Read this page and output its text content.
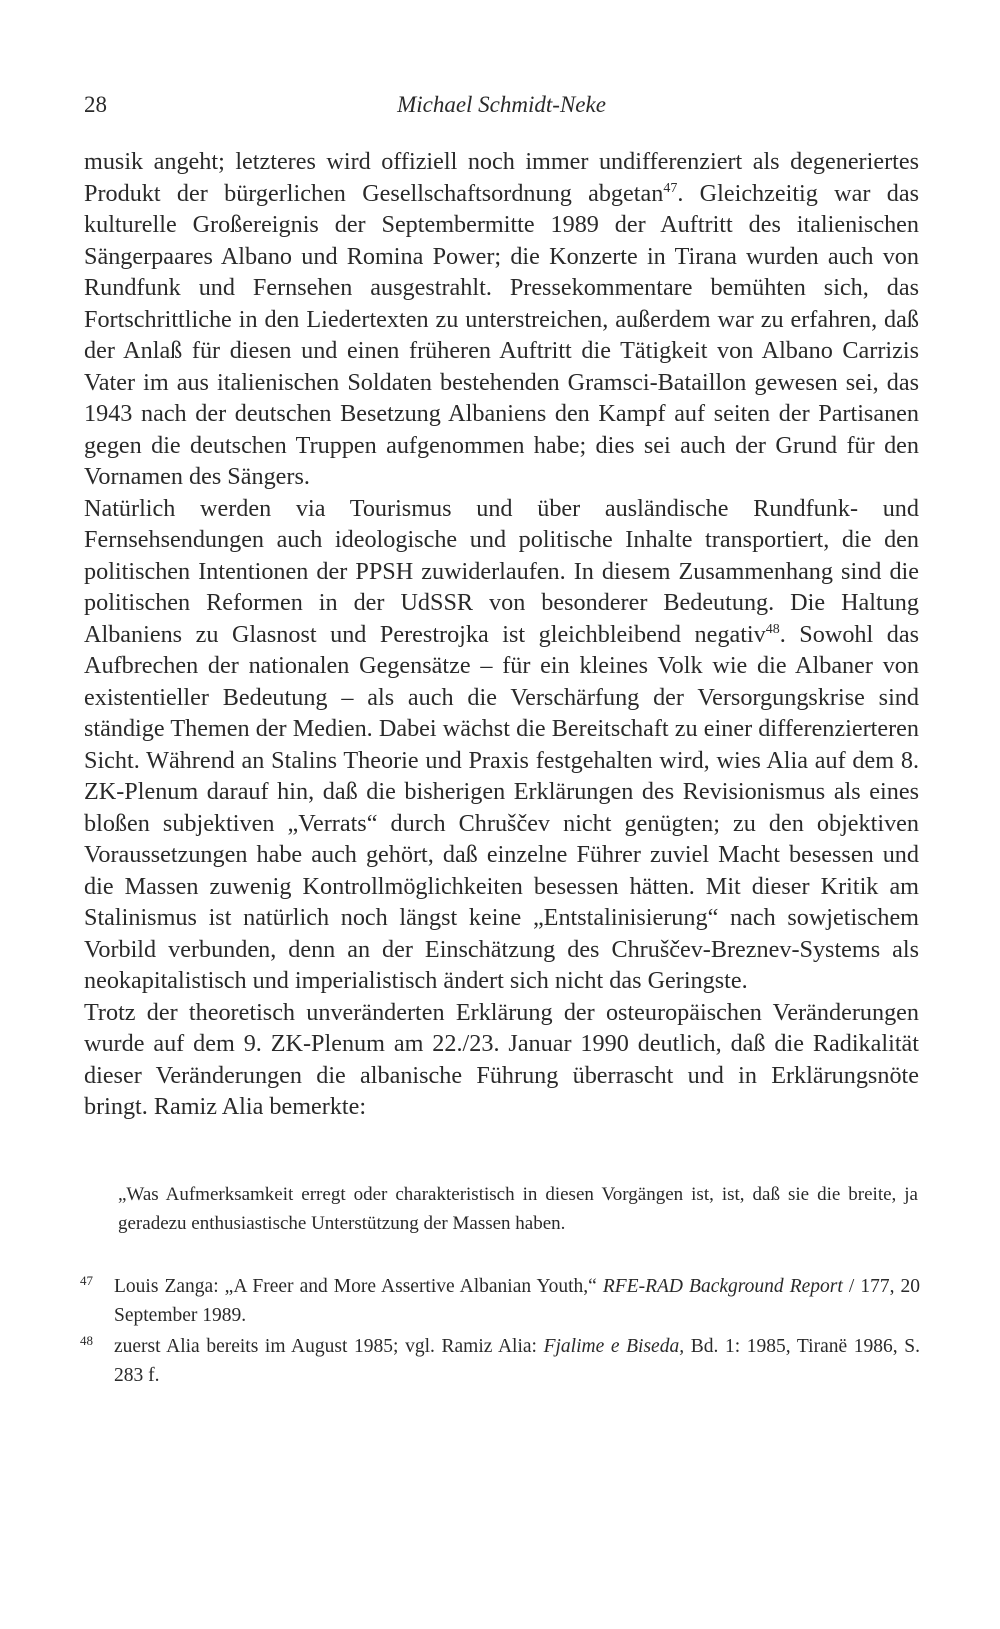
28	Michael Schmidt-Neke

musik angeht; letzteres wird offiziell noch immer undifferenziert als degeneriertes Produkt der bürgerlichen Gesellschaftsordnung abgetan$^{47}$. Gleichzeitig war das kulturelle Großereignis der Septembermitte 1989 der Auftritt des italienischen Sängerpaares Albano und Romina Power; die Konzerte in Tirana wurden auch von Rundfunk und Fernsehen ausgestrahlt. Pressekommentare bemühten sich, das Fortschrittliche in den Liedertexten zu unterstreichen, außerdem war zu erfahren, daß der Anlaß für diesen und einen früheren Auftritt die Tätigkeit von Albano Carrizis Vater im aus italienischen Soldaten bestehenden Gramsci-Bataillon gewesen sei, das 1943 nach der deutschen Besetzung Albaniens den Kampf auf seiten der Partisanen gegen die deutschen Truppen aufgenommen habe; dies sei auch der Grund für den Vornamen des Sängers.

Natürlich werden via Tourismus und über ausländische Rundfunk- und Fernsehsendungen auch ideologische und politische Inhalte transportiert, die den politischen Intentionen der PPSH zuwiderlaufen. In diesem Zusammenhang sind die politischen Reformen in der UdSSR von besonderer Bedeutung. Die Haltung Albaniens zu Glasnost und Perestrojka ist gleichbleibend negativ$^{48}$. Sowohl das Aufbrechen der nationalen Gegensätze – für ein kleines Volk wie die Albaner von existentieller Bedeutung – als auch die Verschärfung der Versorgungskrise sind ständige Themen der Medien. Dabei wächst die Bereitschaft zu einer differenzierteren Sicht. Während an Stalins Theorie und Praxis festgehalten wird, wies Alia auf dem 8. ZK-Plenum darauf hin, daß die bisherigen Erklärungen des Revisionismus als eines bloßen subjektiven „Verrats“ durch Chruščev nicht genügten; zu den objektiven Voraussetzungen habe auch gehört, daß einzelne Führer zuviel Macht besessen und die Massen zuwenig Kontrollmöglichkeiten besessen hätten. Mit dieser Kritik am Stalinismus ist natürlich noch längst keine „Entstalinisierung“ nach sowjetischem Vorbild verbunden, denn an der Einschätzung des Chruščev-Breznev-Systems als neokapitalistisch und imperialistisch ändert sich nicht das Geringste.

Trotz der theoretisch unveränderten Erklärung der osteuropäischen Veränderungen wurde auf dem 9. ZK-Plenum am 22./23. Januar 1990 deutlich, daß die Radikalität dieser Veränderungen die albanische Führung überrascht und in Erklärungsnöte bringt. Ramiz Alia bemerkte:

„Was Aufmerksamkeit erregt oder charakteristisch in diesen Vorgängen ist, ist, daß sie die breite, ja geradezu enthusiastische Unterstützung der Massen haben.

47 Louis Zanga: „A Freer and More Assertive Albanian Youth,“ RFE-RAD Background Report / 177, 20 September 1989.
48 zuerst Alia bereits im August 1985; vgl. Ramiz Alia: Fjalime e Biseda, Bd. 1: 1985, Tiranë 1986, S. 283 f.
